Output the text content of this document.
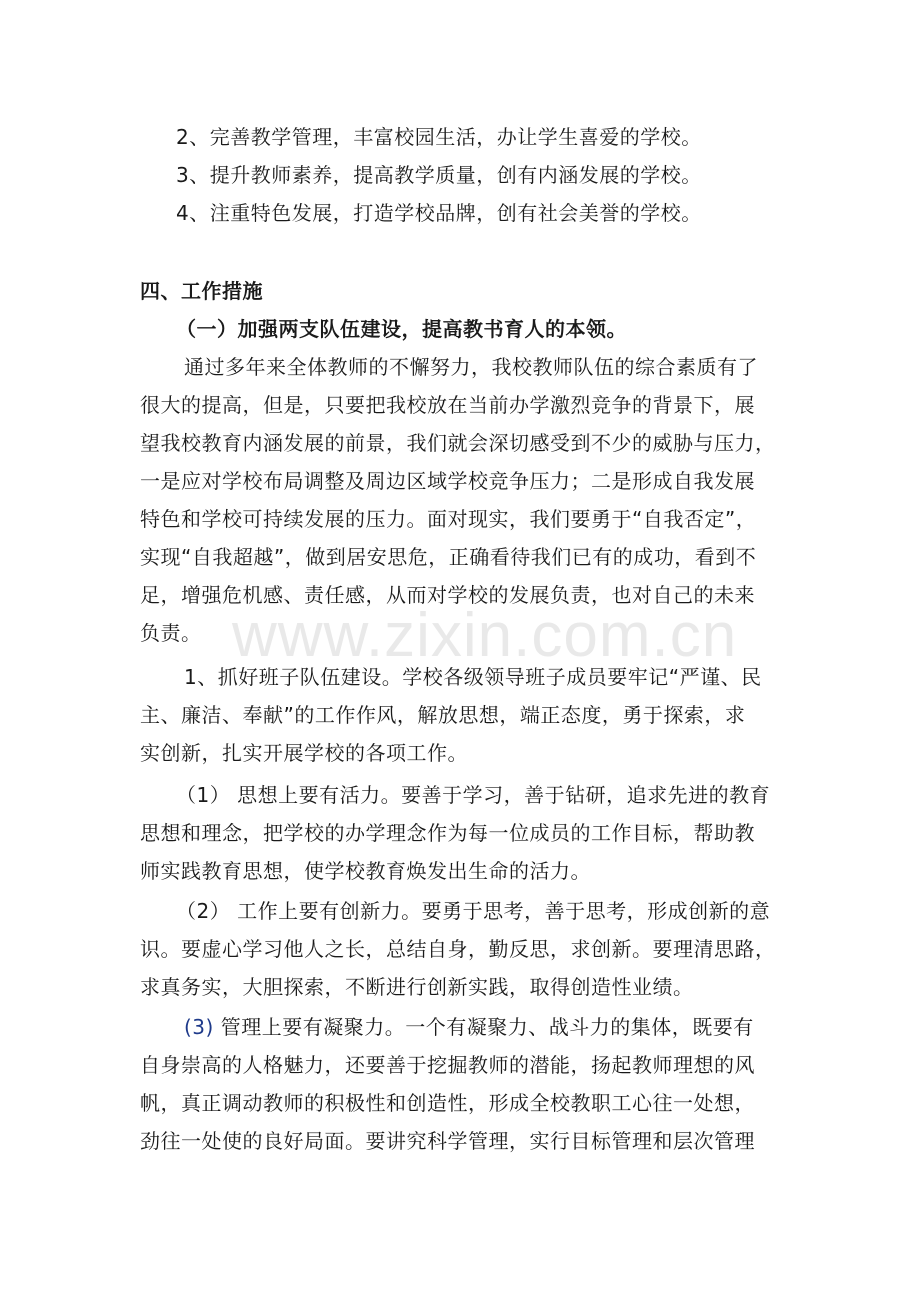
www.zixin.com.cn
2、完善教学管理，丰富校园生活，办让学生喜爱的学校。
3、提升教师素养，提高教学质量，创有内涵发展的学校。
4、注重特色发展，打造学校品牌，创有社会美誉的学校。
四、工作措施
（一）加强两支队伍建设，提高教书育人的本领。
通过多年来全体教师的不懈努力，我校教师队伍的综合素质有了
很大的提高，但是，只要把我校放在当前办学激烈竞争的背景下，展
望我校教育内涵发展的前景，我们就会深切感受到不少的威胁与压力，
一是应对学校布局调整及周边区域学校竞争压力；二是形成自我发展
特色和学校可持续发展的压力。面对现实，我们要勇于“自我否定”，
实现“自我超越”，做到居安思危，正确看待我们已有的成功，看到不
足，增强危机感、责任感，从而对学校的发展负责，也对自己的未来
负责。
1、抓好班子队伍建设。学校各级领导班子成员要牢记“严谨、民
主、廉洁、奉献”的工作作风，解放思想，端正态度，勇于探索，求
实创新，扎实开展学校的各项工作。
（1） 思想上要有活力。要善于学习，善于钻研，追求先进的教育
思想和理念，把学校的办学理念作为每一位成员的工作目标，帮助教
师实践教育思想，使学校教育焕发出生命的活力。
（2） 工作上要有创新力。要勇于思考，善于思考，形成创新的意
识。要虚心学习他人之长，总结自身，勤反思，求创新。要理清思路，
求真务实，大胆探索，不断进行创新实践，取得创造性业绩。
(3) 管理上要有凝聚力。一个有凝聚力、战斗力的集体，既要有
自身崇高的人格魅力，还要善于挖掘教师的潜能，扬起教师理想的风
帆，真正调动教师的积极性和创造性，形成全校教职工心往一处想，
劲往一处使的良好局面。要讲究科学管理，实行目标管理和层次管理
